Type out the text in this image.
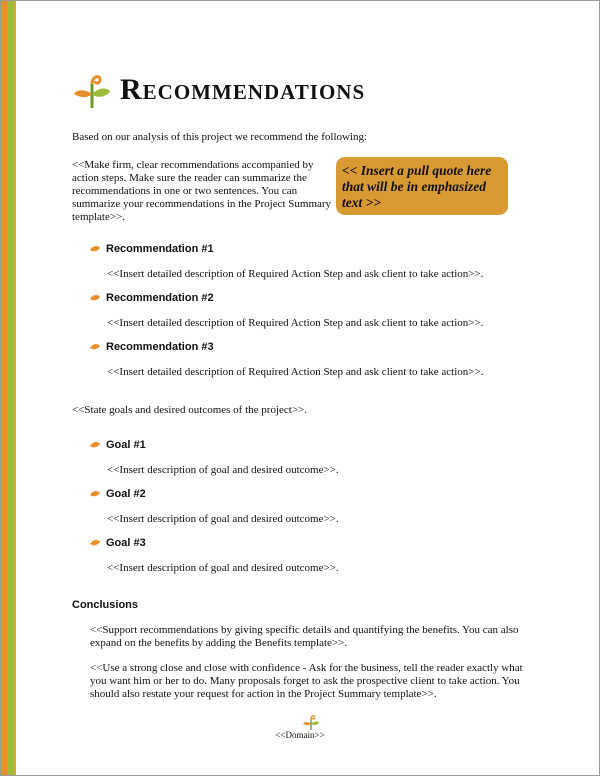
Recommendations
Based on our analysis of this project we recommend the following:
<<Make firm, clear recommendations accompanied by action steps. Make sure the reader can summarize the recommendations in one or two sentences. You can summarize your recommendations in the Project Summary template>>.
<< Insert a pull quote here that will be in emphasized text >>
Recommendation #1
<<Insert detailed description of Required Action Step and ask client to take action>>.
Recommendation #2
<<Insert detailed description of Required Action Step and ask client to take action>>.
Recommendation #3
<<Insert detailed description of Required Action Step and ask client to take action>>.
<<State goals and desired outcomes of the project>>.
Goal #1
<<Insert description of goal and desired outcome>>.
Goal #2
<<Insert description of goal and desired outcome>>.
Goal #3
<<Insert description of goal and desired outcome>>.
Conclusions
<<Support recommendations by giving specific details and quantifying the benefits. You can also expand on the benefits by adding the Benefits template>>.
<<Use a strong close and close with confidence - Ask for the business, tell the reader exactly what you want him or her to do. Many proposals forget to ask the prospective client to take action. You should also restate your request for action in the Project Summary template>>.
<<Domain>>
